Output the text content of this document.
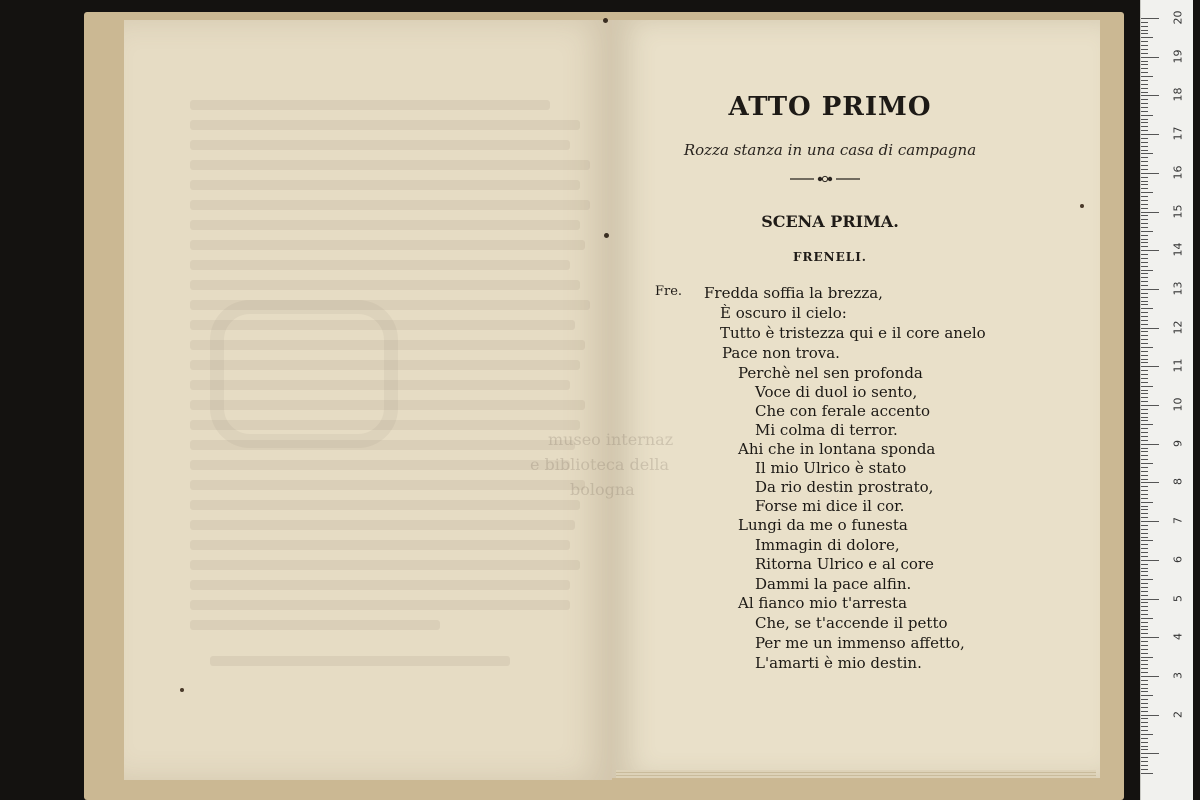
museo internaz
e biblioteca della
bologna
ATTO PRIMO
Rozza stanza in una casa di campagna
SCENA PRIMA.
FRENELI.
Fre. Fredda soffia la brezza,
È oscuro il cielo:
Tutto è tristezza qui e il core anelo
Pace non trova.
Perchè nel sen profonda
Voce di duol io sento,
Che con ferale accento
Mi colma di terror.
Ahi che in lontana sponda
Il mio Ulrico è stato
Da rio destin prostrato,
Forse mi dice il cor.
Lungi da me o funesta
Immagin di dolore,
Ritorna Ulrico e al core
Dammi la pace alfin.
Al fianco mio t'arresta
Che, se t'accende il petto
Per me un immenso affetto,
L'amarti è mio destin.
20
19
18
17
16
15
14
13
12
11
10
9
8
7
6
5
4
3
2
